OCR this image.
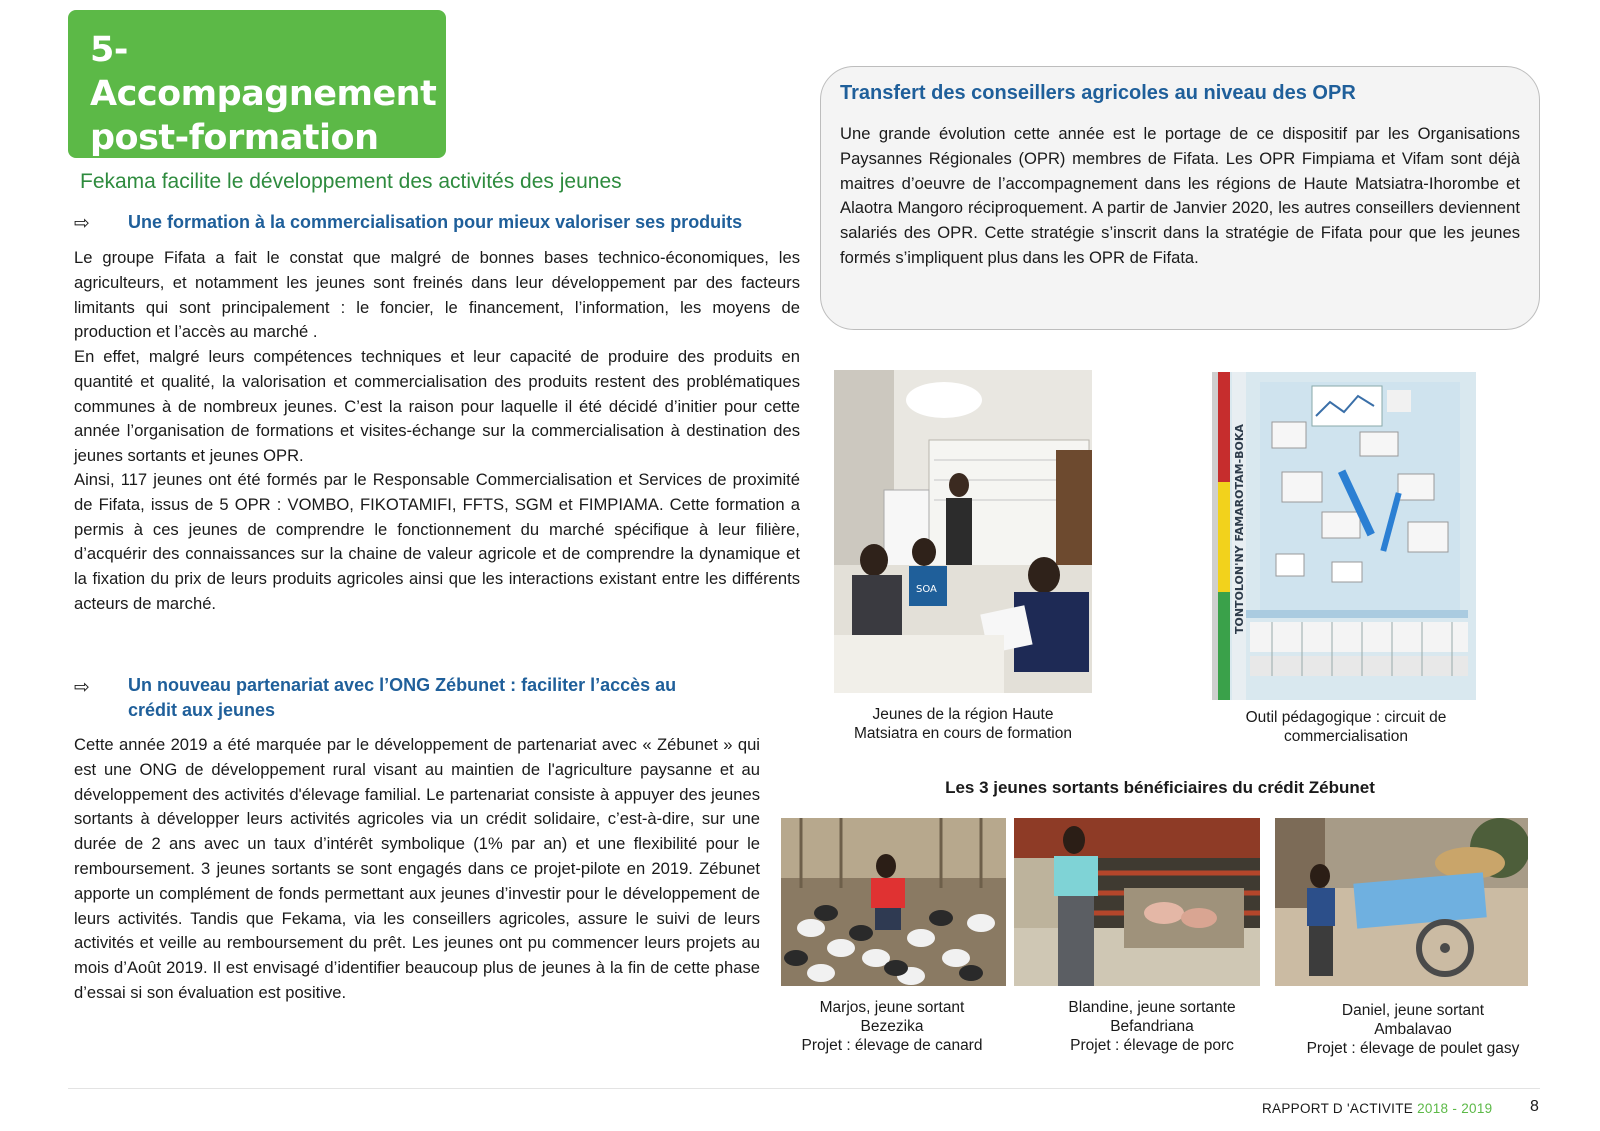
5-
Accompagnement
post-formation
Fekama facilite le développement des activités des jeunes
⇨ Une formation à la commercialisation pour mieux valoriser ses produits
Le groupe Fifata a fait le constat que malgré de bonnes bases technico-économiques, les agriculteurs, et notamment les jeunes sont freinés dans leur développement par des facteurs limitants qui sont principalement : le foncier, le financement, l’information, les moyens de production et l’accès au marché .
En effet, malgré leurs compétences techniques et leur capacité de produire des produits en quantité et qualité, la valorisation et commercialisation des produits restent des problématiques communes à de nombreux jeunes. C’est la raison pour laquelle il été décidé d’initier pour cette année l’organisation de formations et visites-échange sur la commercialisation à destination des jeunes sortants et jeunes OPR.
Ainsi, 117 jeunes ont été formés par le Responsable Commercialisation et Services de proximité de Fifata, issus de 5 OPR : VOMBO, FIKOTAMIFI, FFTS, SGM et FIMPIAMA. Cette formation a permis à ces jeunes de comprendre le fonctionnement du marché spécifique à leur filière, d’acquérir des connaissances sur la chaine de valeur agricole et de comprendre la dynamique et la fixation du prix de leurs produits agricoles ainsi que les interactions existant entre les différents acteurs de marché.
⇨ Un nouveau partenariat avec l’ONG Zébunet : faciliter l’accès au
crédit aux jeunes
Cette année 2019 a été marquée par le développement de partenariat avec « Zébunet » qui est une ONG de développement rural visant au maintien de l'agriculture paysanne et au développement des activités d'élevage familial. Le partenariat consiste à appuyer des jeunes sortants à développer leurs activités agricoles via un crédit solidaire, c’est-à-dire, sur une durée de 2 ans avec un taux d’intérêt symbolique (1% par an) et une flexibilité pour le remboursement. 3 jeunes sortants se sont engagés dans ce projet-pilote en 2019. Zébunet apporte un complément de fonds permettant aux jeunes d’investir pour le développement de leurs activités. Tandis que Fekama, via les conseillers agricoles, assure le suivi de leurs activités et veille au remboursement du prêt. Les jeunes ont pu commencer leurs projets au mois d’Août 2019. Il est envisagé d’identifier beaucoup plus de jeunes à la fin de cette phase d’essai si son évaluation est positive.
Transfert des conseillers agricoles au niveau des OPR
Une grande évolution cette année est le portage de ce dispositif par les Organisations Paysannes Régionales (OPR) membres de Fifata. Les OPR Fimpiama et Vifam sont déjà maitres d’oeuvre de l’accompagnement dans les régions de Haute Matsiatra-Ihorombe et Alaotra Mangoro réciproquement. A partir de Janvier 2020, les autres conseillers deviennent salariés des OPR. Cette stratégie s’inscrit dans la stratégie de Fifata pour que les jeunes formés s’impliquent plus dans les OPR de Fifata.
SOA
Jeunes de la région Haute
Matsiatra en cours de formation
TONTOLON'NY FAMAROTAM-BOKA
Outil pédagogique : circuit de
commercialisation
Les 3 jeunes sortants bénéficiaires du crédit Zébunet
Marjos, jeune sortant
Bezezika
Projet : élevage de canard
Blandine, jeune sortante
Befandriana
Projet : élevage de porc
Daniel, jeune sortant
Ambalavao
Projet : élevage de poulet gasy
RAPPORT D 'ACTIVITE 2018 - 2019 8
